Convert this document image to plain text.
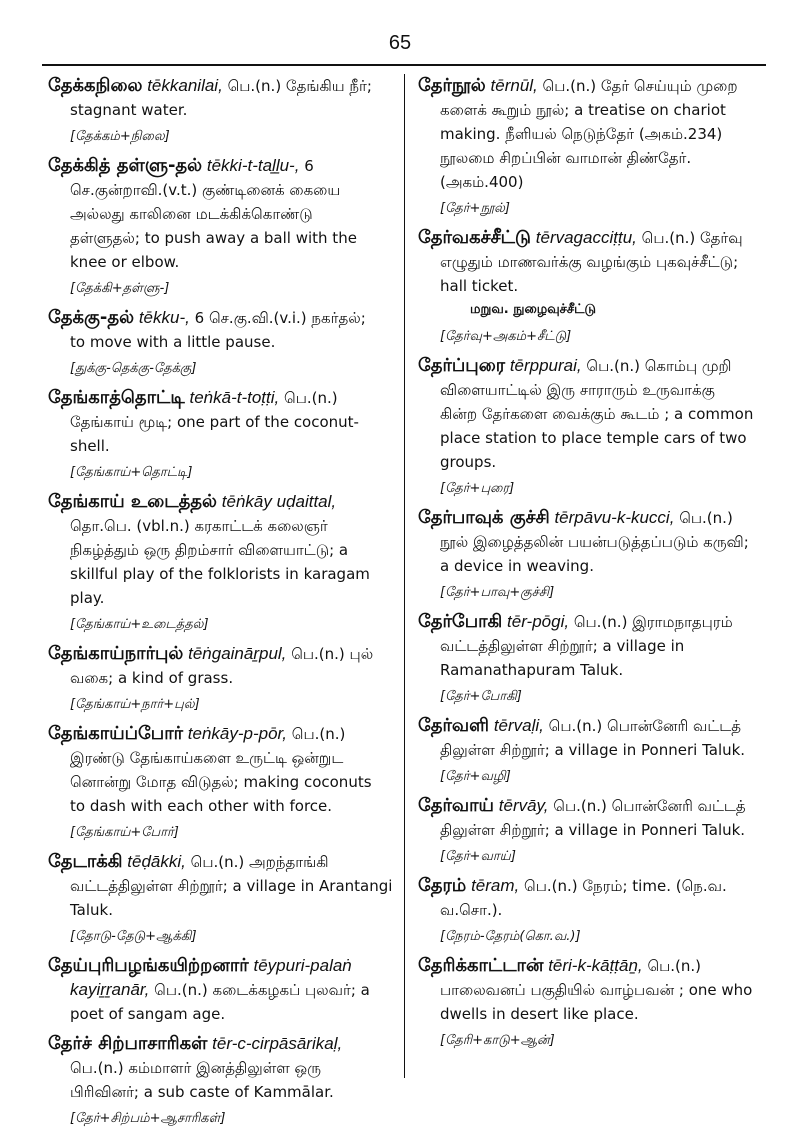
65
தேக்கநிலை tēkkanilai, பெ.(n.) தேங்கிய நீர்;
stagnant water.
[தேக்கம்+நிலை]
தேக்கித் தள்ளு-தல் tēkki-t-taḻḻu-, 6
செ.குன்றாவி.(v.t.) குண்டினைக் கையை
அல்லது காலினை மடக்கிக்கொண்டு
தள்ளுதல்; to push away a ball with the
knee or elbow.
[தேக்கி+தள்ளு-]
தேக்கு-தல் tēkku-, 6 செ.கு.வி.(v.i.) நகர்தல்;
to move with a little pause.
[துக்கு-தெக்கு-தேக்கு]
தேங்காத்தொட்டி teṅkā-t-toṭṭi, பெ.(n.)
தேங்காய் மூடி; one part of the coconut-
shell.
[தேங்காய்+தொட்டி]
தேங்காய் உடைத்தல் tēṅkāy uḍaittal,
தொ.பெ. (vbl.n.) கரகாட்டக் கலைஞர்
நிகழ்த்தும் ஒரு திறம்சார் விளையாட்டு; a
skillful play of the folklorists in karagam
play.
[தேங்காய்+உடைத்தல்]
தேங்காய்நார்புல் tēṅgaināṟpul, பெ.(n.) புல்
வகை; a kind of grass.
[தேங்காய்+நார்+புல்]
தேங்காய்ப்போர் teṅkāy-p-pōr, பெ.(n.)
இரண்டு தேங்காய்களை உருட்டி ஒன்றுட
னொன்று மோத விடுதல்; making coconuts
to dash with each other with force.
[தேங்காய்+போர்]
தேடாக்கி tēḍākki, பெ.(n.) அறந்தாங்கி
வட்டத்திலுள்ள சிற்றூர்; a village in Arantangi
Taluk.
[தோடு-தேடு+ஆக்கி]
தேய்புரிபழங்கயிற்றனார் tēypuri-palaṅ
kayiṟṟanār, பெ.(n.) கடைக்கழகப் புலவர்; a
poet of sangam age.
தேர்ச் சிற்பாசாரிகள் tēr-c-cirpāsārikaḷ,
பெ.(n.) கம்மாளர் இனத்திலுள்ள ஒரு
பிரிவினர்; a sub caste of Kammālar.
[தேர்+சிற்பம்+ஆசாரிகள்]
தேர்நூல் tērnūl, பெ.(n.) தேர் செய்யும் முறை
களைக் கூறும் நூல்; a treatise on chariot
making. நீளியல் நெடுந்தேர் (அகம்.234)
நூலமை சிறப்பின் வாமான் திண்தேர்.
(அகம்.400)
[தேர்+நூல்]
தேர்வகச்சீட்டு tērvagacciṭṭu, பெ.(n.) தேர்வு
எழுதும் மாணவர்க்கு வழங்கும் புகவுச்சீட்டு;
hall ticket.
மறுவ. நுழைவுச்சீட்டு
[தேர்வு+அகம்+சீட்டு]
தேர்ப்புரை tērppurai, பெ.(n.) கொம்பு முறி
விளையாட்டில் இரு சாராரும் உருவாக்கு
கின்ற தேர்களை வைக்கும் கூடம் ; a common
place station to place temple cars of two
groups.
[தேர்+புரை]
தேர்பாவுக் குச்சி tērpāvu-k-kucci, பெ.(n.)
நூல் இழைத்தலின் பயன்படுத்தப்படும் கருவி;
a device in weaving.
[தேர்+பாவு+குச்சி]
தேர்போகி tēr-pōgi, பெ.(n.) இராமநாதபுரம்
வட்டத்திலுள்ள சிற்றூர்; a village in
Ramanathapuram Taluk.
[தேர்+போகி]
தேர்வளி tērvaḷi, பெ.(n.) பொன்னேரி வட்டத்
திலுள்ள சிற்றூர்; a village in Ponneri Taluk.
[தேர்+வழி]
தேர்வாய் tērvāy, பெ.(n.) பொன்னேரி வட்டத்
திலுள்ள சிற்றூர்; a village in Ponneri Taluk.
[தேர்+வாய்]
தேரம் tēram, பெ.(n.) நேரம்; time. (நெ.வ.
வ.சொ.).
[நேரம்-தேரம்(கொ.வ.)]
தேரிக்காட்டான் tēri-k-kāṭṭāṉ, பெ.(n.)
பாலைவனப் பகுதியில் வாழ்பவன் ; one who
dwells in desert like place.
[தேரி+காடு+ஆன்]
